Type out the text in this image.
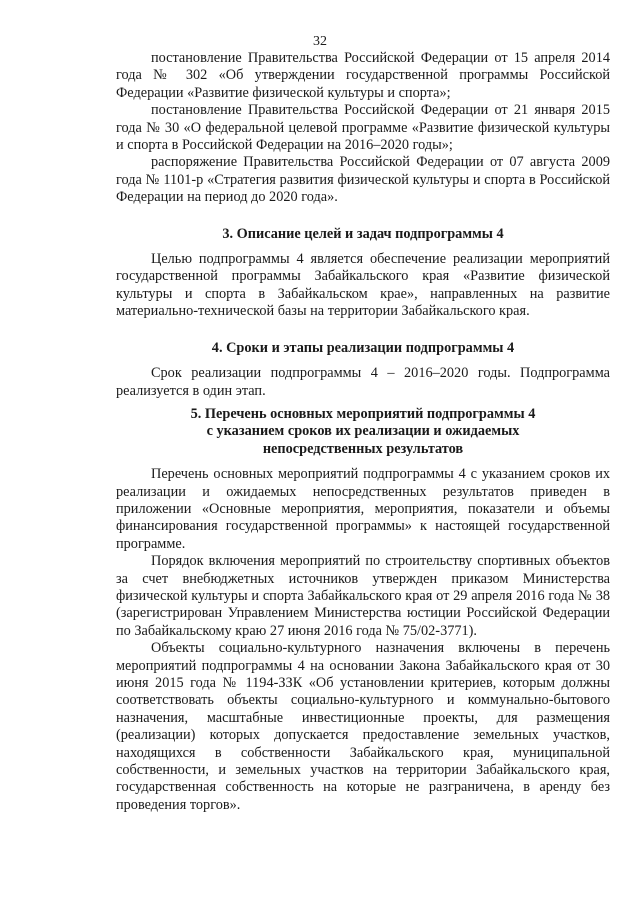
32

постановление Правительства Российской Федерации от 15 апреля 2014 года № 302 «Об утверждении государственной программы Российской Федерации «Развитие физической культуры и спорта»;

постановление Правительства Российской Федерации от 21 января 2015 года № 30 «О федеральной целевой программе «Развитие физической культуры и спорта в Российской Федерации на 2016–2020 годы»;

распоряжение Правительства Российской Федерации от 07 августа 2009 года № 1101-р «Стратегия развития физической культуры и спорта в Российской Федерации на период до 2020 года».

3. Описание целей и задач подпрограммы 4

Целью подпрограммы 4 является обеспечение реализации мероприятий государственной программы Забайкальского края «Развитие физической культуры и спорта в Забайкальском крае», направленных на развитие материально-технической базы на территории Забайкальского края.

4. Сроки и этапы реализации подпрограммы 4

Срок реализации подпрограммы 4 – 2016–2020 годы. Подпрограмма реализуется в один этап.

5. Перечень основных мероприятий подпрограммы 4
с указанием сроков их реализации и ожидаемых
непосредственных результатов

Перечень основных мероприятий подпрограммы 4 с указанием сроков их реализации и ожидаемых непосредственных результатов приведен в приложении «Основные мероприятия, мероприятия, показатели и объемы финансирования государственной программы» к настоящей государственной программе.

Порядок включения мероприятий по строительству спортивных объектов за счет внебюджетных источников утвержден приказом Министерства физической культуры и спорта Забайкальского края от 29 апреля 2016 года № 38 (зарегистрирован Управлением Министерства юстиции Российской Федерации по Забайкальскому краю 27 июня 2016 года № 75/02-3771).

Объекты социально-культурного назначения включены в перечень мероприятий подпрограммы 4 на основании Закона Забайкальского края от 30 июня 2015 года № 1194-ЗЗК «Об установлении критериев, которым должны соответствовать объекты социально-культурного и коммунально-бытового назначения, масштабные инвестиционные проекты, для размещения (реализации) которых допускается предоставление земельных участков, находящихся в собственности Забайкальского края, муниципальной собственности, и земельных участков на территории Забайкальского края, государственная собственность на которые не разграничена, в аренду без проведения торгов».
